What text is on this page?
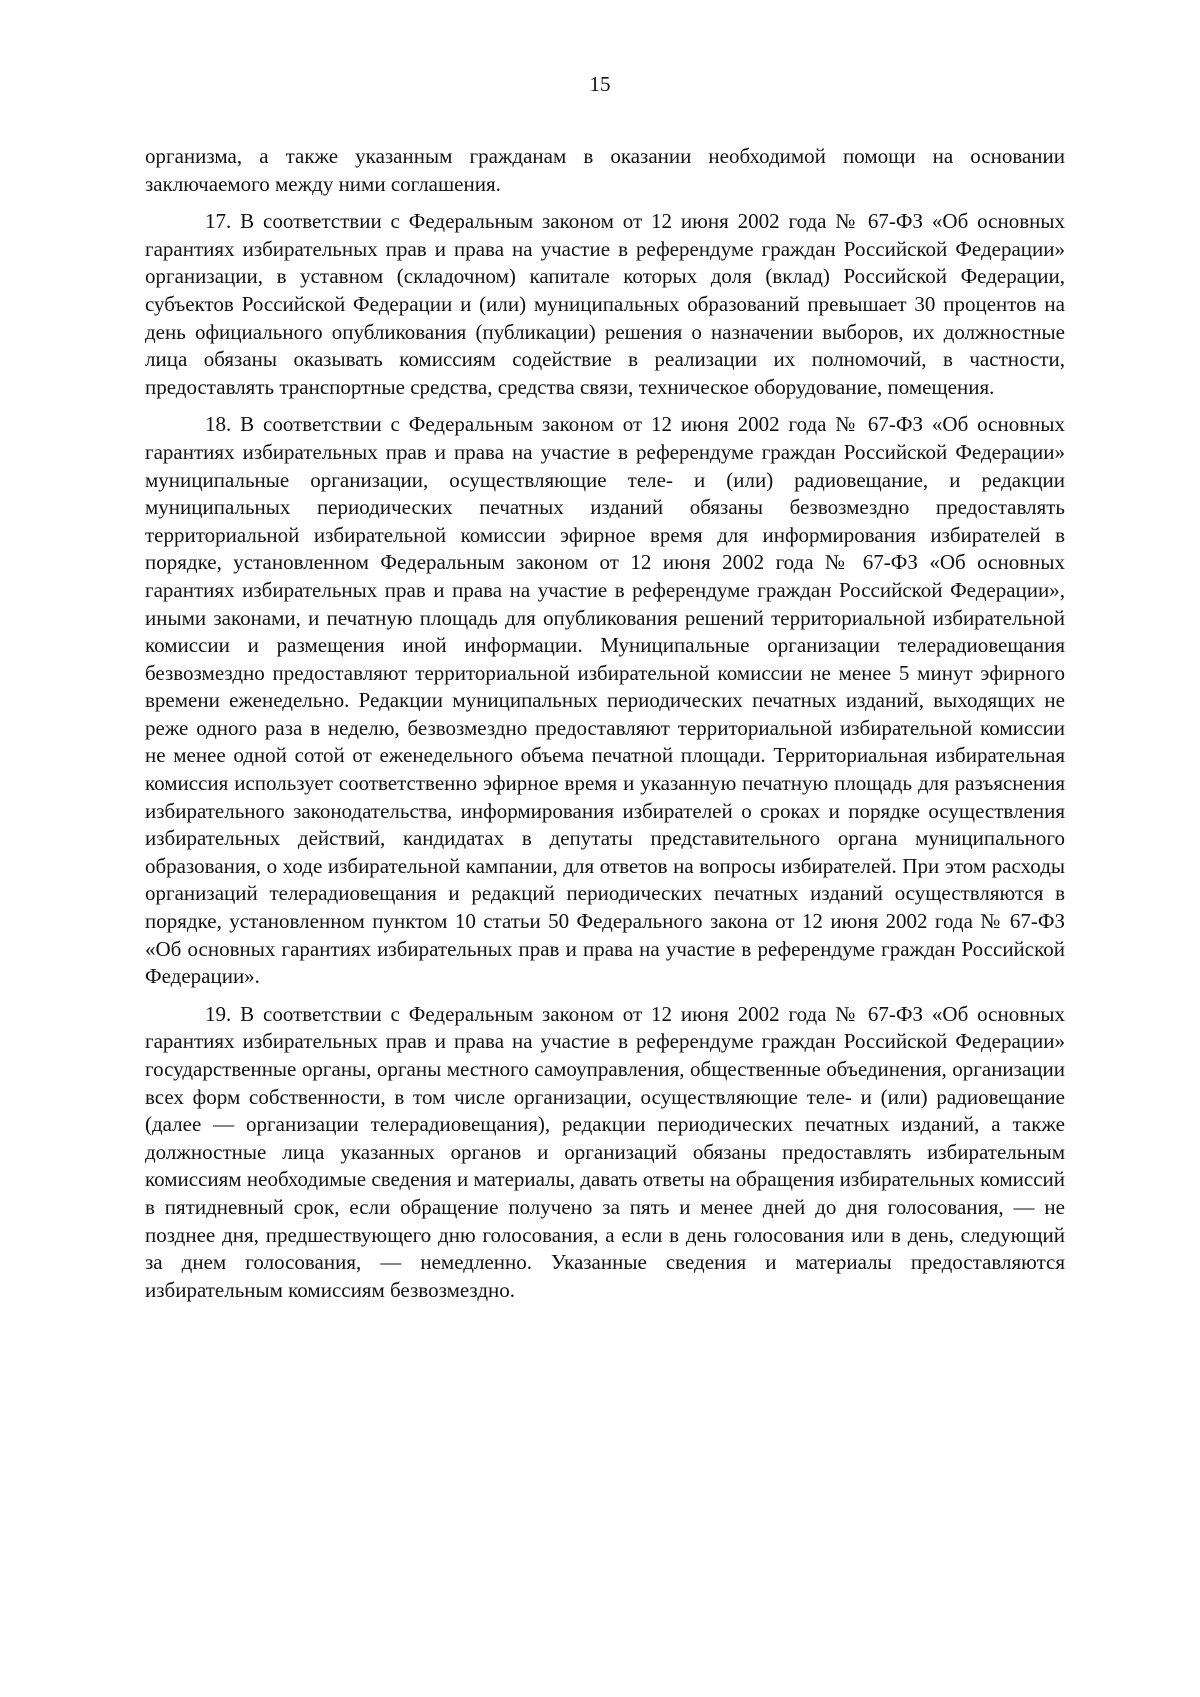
15

организма, а также указанным гражданам в оказании необходимой помощи на основании заключаемого между ними соглашения.

17. В соответствии с Федеральным законом от 12 июня 2002 года № 67-ФЗ «Об основных гарантиях избирательных прав и права на участие в референдуме граждан Российской Федерации» организации, в уставном (складочном) капитале которых доля (вклад) Российской Федерации, субъектов Российской Федерации и (или) муниципальных образований превышает 30 процентов на день официального опубликования (публикации) решения о назначении выборов, их должностные лица обязаны оказывать комиссиям содействие в реализации их полномочий, в частности, предоставлять транспортные средства, средства связи, техническое оборудование, помещения.

18. В соответствии с Федеральным законом от 12 июня 2002 года № 67-ФЗ «Об основных гарантиях избирательных прав и права на участие в референдуме граждан Российской Федерации» муниципальные организации, осуществляющие теле- и (или) радиовещание, и редакции муниципальных периодических печатных изданий обязаны безвозмездно предоставлять территориальной избирательной комиссии эфирное время для информирования избирателей в порядке, установленном Федеральным законом от 12 июня 2002 года № 67-ФЗ «Об основных гарантиях избирательных прав и права на участие в референдуме граждан Российской Федерации», иными законами, и печатную площадь для опубликования решений территориальной избирательной комиссии и размещения иной информации. Муниципальные организации телерадиовещания безвозмездно предоставляют территориальной избирательной комиссии не менее 5 минут эфирного времени еженедельно. Редакции муниципальных периодических печатных изданий, выходящих не реже одного раза в неделю, безвозмездно предоставляют территориальной избирательной комиссии не менее одной сотой от еженедельного объема печатной площади. Территориальная избирательная комиссия использует соответственно эфирное время и указанную печатную площадь для разъяснения избирательного законодательства, информирования избирателей о сроках и порядке осуществления избирательных действий, кандидатах в депутаты представительного органа муниципального образования, о ходе избирательной кампании, для ответов на вопросы избирателей. При этом расходы организаций телерадиовещания и редакций периодических печатных изданий осуществляются в порядке, установленном пунктом 10 статьи 50 Федерального закона от 12 июня 2002 года № 67-ФЗ «Об основных гарантиях избирательных прав и права на участие в референдуме граждан Российской Федерации».

19. В соответствии с Федеральным законом от 12 июня 2002 года № 67-ФЗ «Об основных гарантиях избирательных прав и права на участие в референдуме граждан Российской Федерации» государственные органы, органы местного самоуправления, общественные объединения, организации всех форм собственности, в том числе организации, осуществляющие теле- и (или) радиовещание (далее — организации телерадиовещания), редакции периодических печатных изданий, а также должностные лица указанных органов и организаций обязаны предоставлять избирательным комиссиям необходимые сведения и материалы, давать ответы на обращения избирательных комиссий в пятидневный срок, если обращение получено за пять и менее дней до дня голосования, — не позднее дня, предшествующего дню голосования, а если в день голосования или в день, следующий за днем голосования, — немедленно. Указанные сведения и материалы предоставляются избирательным комиссиям безвозмездно.
